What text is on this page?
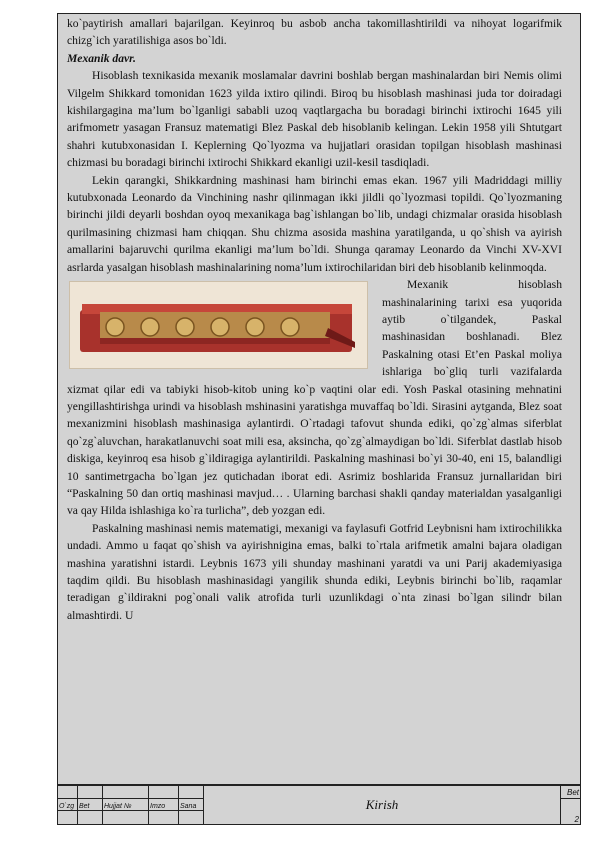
ko`paytirish amallari bajarilgan. Keyinroq bu asbob ancha takomillashtirildi va nihoyat logarifmik chizg`ich yaratilishiga asos bo`ldi.

Mexanik davr.

Hisoblash texnikasida mexanik moslamalar davrini boshlab bergan mashinalardan biri Nemis olimi Vilgelm Shikkard tomonidan 1623 yilda ixtiro qilindi. Biroq bu hisoblash mashinasi juda tor doiradagi kishilargagina ma’lum bo`lganligi sababli uzoq vaqtlargacha bu boradagi birinchi ixtirochi 1645 yili arifmometr yasagan Fransuz matematigi Blez Paskal deb hisoblanib kelingan. Lekin 1958 yili Shtutgart shahri kutubxonasidan I. Keplerning Qo`lyozma va hujjatlari orasidan topilgan hisoblash mashinasi chizmasi bu boradagi birinchi ixtirochi Shikkard ekanligi uzil-kesil tasdiqladi.

Lekin qarangki, Shikkardning mashinasi ham birinchi emas ekan. 1967 yili Madriddagi milliy kutubxonada Leonardo da Vinchining nashr qilinmagan ikki jildli qo`lyozmasi topildi. Qo`lyozmaning birinchi jildi deyarli boshdan oyoq mexanikaga bag`ishlangan bo`lib, undagi chizmalar orasida hisoblash qurilmasining chizmasi ham chiqqan. Shu chizma asosida mashina yaratilganda, u qo`shish va ayirish amallarini bajaruvchi qurilma ekanligi ma’lum bo`ldi. Shunga qaramay Leonardo da Vinchi XV-XVI asrlarda yasalgan hisoblash mashinalarining noma’lum ixtirochilaridan biri deb hisoblanib kelinmoqda.

Mexanik hisoblash mashinalarining tarixi esa yuqorida aytib o`tilgandek, Paskal mashinasidan boshlanadi. Blez Paskalning otasi Et’en Paskal moliya ishlariga bo`gliq turli vazifalarda xizmat qilar edi va tabiyki hisob-kitob uning ko`p vaqtini olar edi. Yosh Paskal otasining mehnatini yengillashtirishga urindi va hisoblash mshinasini yaratishga muvaffaq bo`ldi. Sirasini aytganda, Blez soat mexanizmini hisoblash mashinasiga aylantirdi. O`rtadagi tafovut shunda ediki, qo`zg`almas siferblat qo`zg`aluvchan, harakatlanuvchi soat mili esa, aksincha, qo`zg`almaydigan bo`ldi. Siferblat dastlab hisob diskiga, keyinroq esa hisob g`ildiragiga aylantirildi. Paskalning mashinasi bo`yi 30-40, eni 15, balandligi 10 santimetrgacha bo`lgan jez qutichadan iborat edi. Asrimiz boshlarida Fransuz jurnallaridan biri “Paskalning 50 dan ortiq mashinasi mavjud… . Ularning barchasi shakli qanday materialdan yasalganligi va qay Hilda ishlashiga ko`ra turlicha”, deb yozgan edi.

Paskalning mashinasi nemis matematigi, mexanigi va faylasufi Gotfrid Leybnisni ham ixtirochilikka undadi. Ammo u faqat qo`shish va ayirishnigina emas, balki to`rtala arifmetik amalni bajara oladigan mashina yaratishni istardi. Leybnis 1673 yili shunday mashinani yaratdi va uni Parij akademiyasiga taqdim qildi. Bu hisoblash mashinasidagi yangilik shunda ediki, Leybnis birinchi bo`lib, raqamlar teradigan g`ildirakni pog`onali valik atrofida turli uzunlikdagi o`nta zinasi bo`lgan silindr bilan almashtirdi. U

					Kirish	Bet
O`zg	Bet	Hujjat №	Imzo	Sana		2
